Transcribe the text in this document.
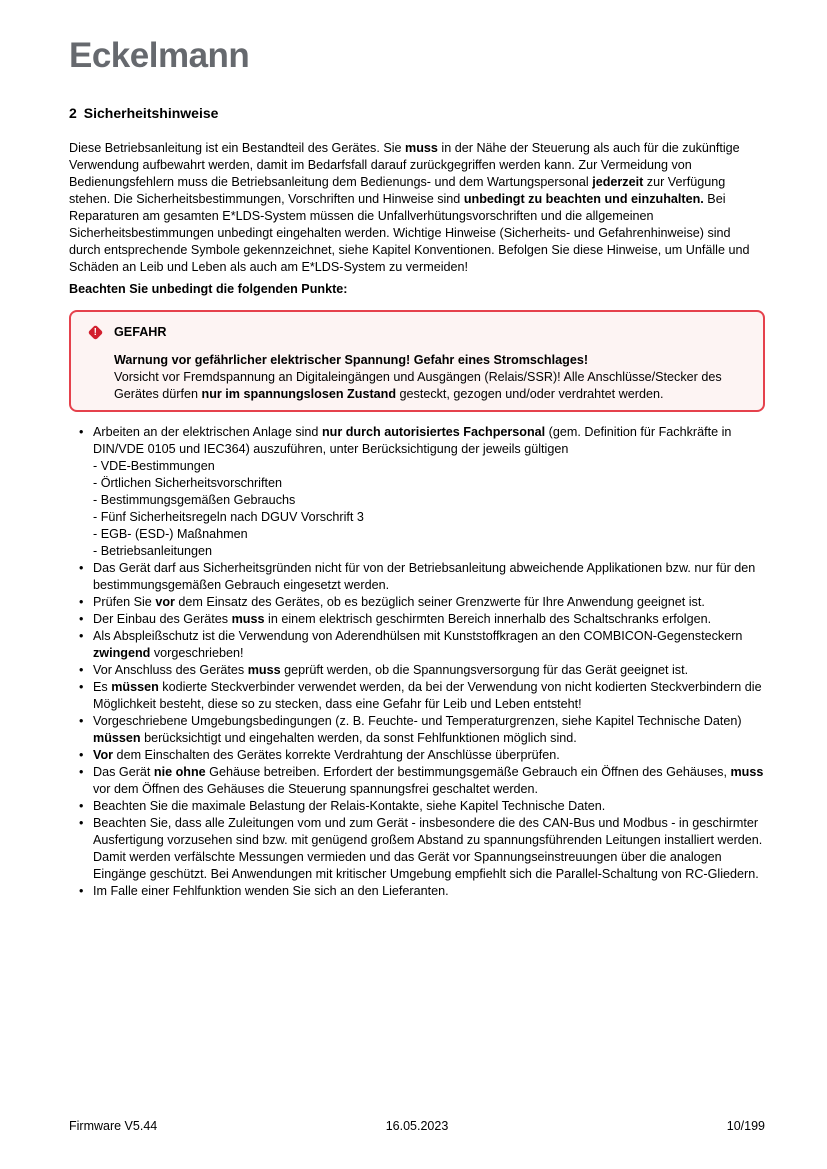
Eckelmann
2 Sicherheitshinweise

Diese Betriebsanleitung ist ein Bestandteil des Gerätes. Sie muss in der Nähe der Steuerung als auch für die zukünftige Verwendung aufbewahrt werden, damit im Bedarfsfall darauf zurückgegriffen werden kann. Zur Vermeidung von Bedienungsfehlern muss die Betriebsanleitung dem Bedienungs- und dem Wartungspersonal jederzeit zur Verfügung stehen. Die Sicherheitsbestimmungen, Vorschriften und Hinweise sind unbedingt zu beachten und einzuhalten. Bei Reparaturen am gesamten E*LDS-System müssen die Unfallverhütungsvorschriften und die allgemeinen Sicherheitsbestimmungen unbedingt eingehalten werden. Wichtige Hinweise (Sicherheits- und Gefahrenhinweise) sind durch entsprechende Symbole gekennzeichnet, siehe Kapitel Konventionen. Befolgen Sie diese Hinweise, um Unfälle und Schäden an Leib und Leben als auch am E*LDS-System zu vermeiden!

Beachten Sie unbedingt die folgenden Punkte:

! GEFAHR
Warnung vor gefährlicher elektrischer Spannung! Gefahr eines Stromschlages!
Vorsicht vor Fremdspannung an Digitaleingängen und Ausgängen (Relais/SSR)! Alle Anschlüsse/Stecker des Gerätes dürfen nur im spannungslosen Zustand gesteckt, gezogen und/oder verdrahtet werden.
• Arbeiten an der elektrischen Anlage sind nur durch autorisiertes Fachpersonal (gem. Definition für Fachkräfte in DIN/VDE 0105 und IEC364) auszuführen, unter Berücksichtigung der jeweils gültigen
- VDE-Bestimmungen
- Örtlichen Sicherheitsvorschriften
- Bestimmungsgemäßen Gebrauchs
- Fünf Sicherheitsregeln nach DGUV Vorschrift 3
- EGB- (ESD-) Maßnahmen
- Betriebsanleitungen
• Das Gerät darf aus Sicherheitsgründen nicht für von der Betriebsanleitung abweichende Applikationen bzw. nur für den bestimmungsgemäßen Gebrauch eingesetzt werden.
• Prüfen Sie vor dem Einsatz des Gerätes, ob es bezüglich seiner Grenzwerte für Ihre Anwendung geeignet ist.
• Der Einbau des Gerätes muss in einem elektrisch geschirmten Bereich innerhalb des Schaltschranks erfolgen.
• Als Abspleißschutz ist die Verwendung von Aderendhülsen mit Kunststoffkragen an den COMBICON-Gegensteckern zwingend vorgeschrieben!
• Vor Anschluss des Gerätes muss geprüft werden, ob die Spannungsversorgung für das Gerät geeignet ist.
• Es müssen kodierte Steckverbinder verwendet werden, da bei der Verwendung von nicht kodierten Steckverbindern die Möglichkeit besteht, diese so zu stecken, dass eine Gefahr für Leib und Leben entsteht!
• Vorgeschriebene Umgebungsbedingungen (z. B. Feuchte- und Temperaturgrenzen, siehe Kapitel Technische Daten) müssen berücksichtigt und eingehalten werden, da sonst Fehlfunktionen möglich sind.
• Vor dem Einschalten des Gerätes korrekte Verdrahtung der Anschlüsse überprüfen.
• Das Gerät nie ohne Gehäuse betreiben. Erfordert der bestimmungsgemäße Gebrauch ein Öffnen des Gehäuses, muss vor dem Öffnen des Gehäuses die Steuerung spannungsfrei geschaltet werden.
• Beachten Sie die maximale Belastung der Relais-Kontakte, siehe Kapitel Technische Daten.
• Beachten Sie, dass alle Zuleitungen vom und zum Gerät - insbesondere die des CAN-Bus und Modbus - in geschirmter Ausfertigung vorzusehen sind bzw. mit genügend großem Abstand zu spannungsführenden Leitungen installiert werden. Damit werden verfälschte Messungen vermieden und das Gerät vor Spannungseinstreuungen über die analogen Eingänge geschützt. Bei Anwendungen mit kritischer Umgebung empfiehlt sich die Parallel-Schaltung von RC-Gliedern.
• Im Falle einer Fehlfunktion wenden Sie sich an den Lieferanten.
Firmware V5.44	16.05.2023	10/199
